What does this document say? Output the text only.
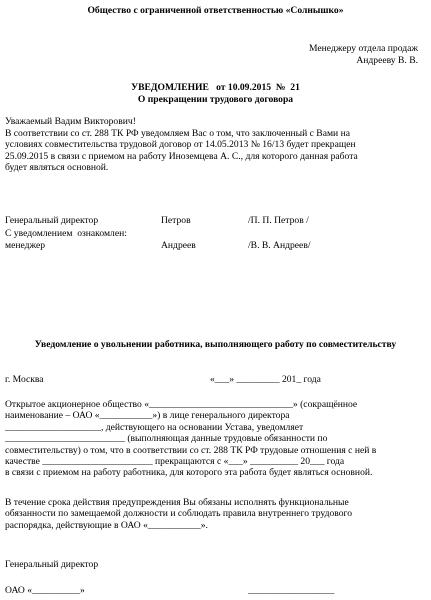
Общество с ограниченной ответственностью «Солнышко»
Менеджеру отдела продаж
Андрееву В. В.
УВЕДОМЛЕНИЕ   от 10.09.2015  №  21
О прекращении трудового договора
Уважаемый Вадим Викторович!
В соответствии со ст. 288 ТК РФ уведомляем Вас о том, что заключенный с Вами на
условиях совместительства трудовой договор от 14.05.2013 № 16/13 будет прекращен
25.09.2015 в связи с приемом на работу Иноземцева А. С., для которого данная работа
будет являться основной.
Генеральный директор	Петров	/П. П. Петров /
С уведомлением  ознакомлен:
менеджер	Андреев	/В. В. Андреев/
Уведомление о увольнении работника, выполняющего работу по совместительству
г. Москва	«___» _________ 201_ года
Открытое акционерное общество «______________________________» (сокращённое
наименование – ОАО «___________») в лице генерального директора
____________________, действующего на основании Устава, уведомляет
_________________________ (выполняющая данные трудовые обязанности по
совместительству) о том, что в соответствии со ст. 288 ТК РФ трудовые отношения с ней в
качестве _______________________ прекращаются с «___» __________ 20___ года
в связи с приемом на работу работника, для которого эта работа будет являться основной.
В течение срока действия предупреждения Вы обязаны исполнять функциональные
обязанности по замещаемой должности и соблюдать правила внутреннего трудового
распорядка, действующие в ОАО «___________».
Генеральный директор
ОАО «__________»	__________________
